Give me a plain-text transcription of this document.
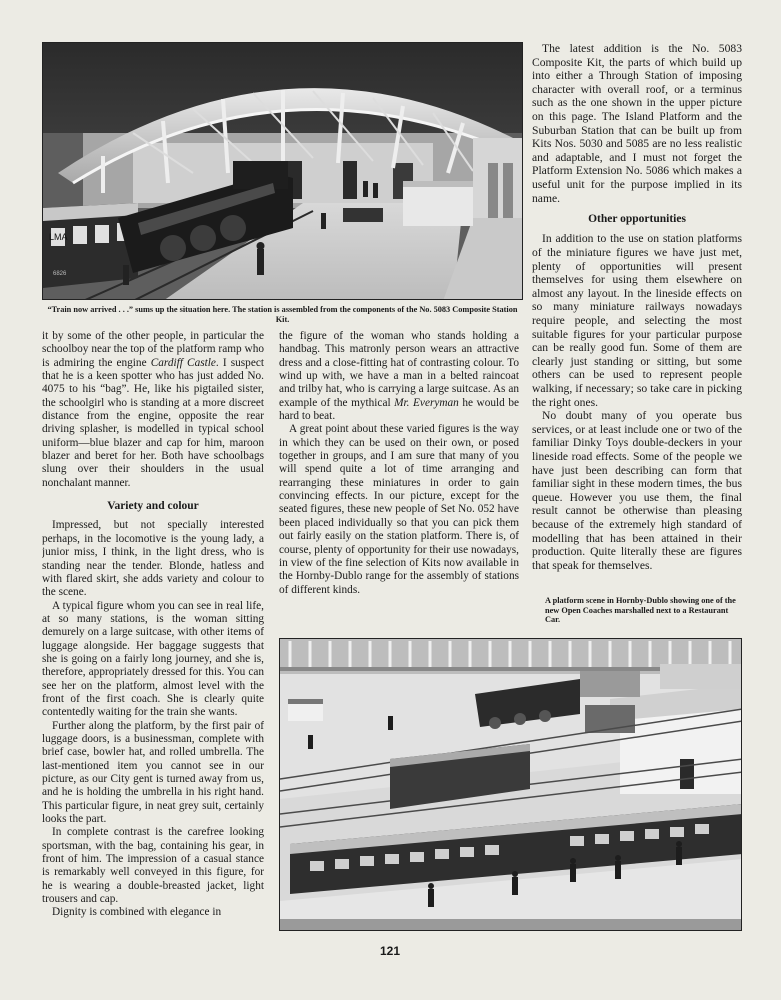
LMA
6826
“Train now arrived . . .” sums up the situation here. The station is assembled from the components of the No. 5083 Composite Station Kit.

The latest addition is the No. 5083 Composite Kit, the parts of which build up into either a Through Station of imposing character with overall roof, or a terminus such as the one shown in the upper picture on this page. The Island Platform and the Suburban Station that can be built up from Kits Nos. 5030 and 5085 are no less realistic and adaptable, and I must not forget the Platform Extension No. 5086 which makes a useful unit for the purpose implied in its name.

Other opportunities

In addition to the use on station platforms of the miniature figures we have just met, plenty of opportunities will present themselves for using them elsewhere on almost any layout. In the lineside effects on so many miniature railways nowadays require people, and selecting the most suitable figures for your particular purpose can be really good fun. Some of them are clearly just standing or sitting, but some others can be used to represent people walking, if necessary; so take care in picking the right ones.

No doubt many of you operate bus services, or at least include one or two of the familiar Dinky Toys double-deckers in your lineside road effects. Some of the people we have just been describing can form that familiar sight in these modern times, the bus queue. However you use them, the final result cannot be otherwise than pleasing because of the extremely high standard of modelling that has been attained in their production. Quite literally these are figures that speak for themselves.

A platform scene in Hornby-Dublo showing one of the new Open Coaches marshalled next to a Restaurant Car.

it by some of the other people, in particular the schoolboy near the top of the platform ramp who is admiring the engine Cardiff Castle. I suspect that he is a keen spotter who has just added No. 4075 to his “bag”. He, like his pigtailed sister, the schoolgirl who is standing at a more discreet distance from the engine, opposite the rear driving splasher, is modelled in typical school uniform—blue blazer and cap for him, maroon blazer and beret for her. Both have schoolbags slung over their shoulders in the usual nonchalant manner.

Variety and colour

Impressed, but not specially interested perhaps, in the locomotive is the young lady, a junior miss, I think, in the light dress, who is standing near the tender. Blonde, hatless and with flared skirt, she adds variety and colour to the scene.

A typical figure whom you can see in real life, at so many stations, is the woman sitting demurely on a large suitcase, with other items of luggage alongside. Her baggage suggests that she is going on a fairly long journey, and she is, therefore, appropriately dressed for this. You can see her on the platform, almost level with the front of the first coach. She is clearly quite contentedly waiting for the train she wants.

Further along the platform, by the first pair of luggage doors, is a businessman, complete with brief case, bowler hat, and rolled umbrella. The last-mentioned item you cannot see in our picture, as our City gent is turned away from us, and he is holding the umbrella in his right hand. This particular figure, in neat grey suit, certainly looks the part.

In complete contrast is the carefree looking sportsman, with the bag, containing his gear, in front of him. The impression of a casual stance is remarkably well conveyed in this figure, for he is wearing a double-breasted jacket, light trousers and cap.

Dignity is combined with elegance in

the figure of the woman who stands holding a handbag. This matronly person wears an attractive dress and a close-fitting hat of contrasting colour. To wind up with, we have a man in a belted raincoat and trilby hat, who is carrying a large suitcase. As an example of the mythical Mr. Everyman he would be hard to beat.

A great point about these varied figures is the way in which they can be used on their own, or posed together in groups, and I am sure that many of you will spend quite a lot of time arranging and rearranging these miniatures in order to gain convincing effects. In our picture, except for the seated figures, these new people of Set No. 052 have been placed individually so that you can pick them out fairly easily on the station platform. There is, of course, plenty of opportunity for their use nowadays, in view of the fine selection of Kits now available in the Hornby-Dublo range for the assembly of stations of different kinds.

121
